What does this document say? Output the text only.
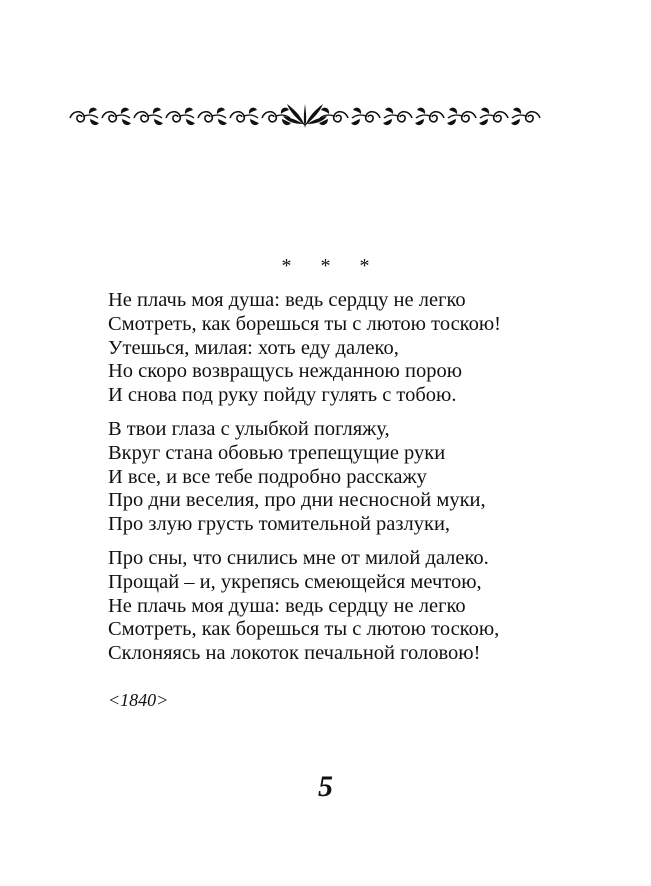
* * *
Не плачь моя душа: ведь сердцу не легко
Смотреть, как борешься ты с лютою тоскою!
Утешься, милая: хоть еду далеко,
Но скоро возвращусь нежданною порою
И снова под руку пойду гулять с тобою.
В твои глаза с улыбкой погляжу,
Вкруг стана обовью трепещущие руки
И все, и все тебе подробно расскажу
Про дни веселия, про дни несносной муки,
Про злую грусть томительной разлуки,
Про сны, что снились мне от милой далеко.
Прощай – и, укрепясь смеющейся мечтою,
Не плачь моя душа: ведь сердцу не легко
Смотреть, как борешься ты с лютою тоскою,
Склоняясь на локоток печальной головою!
<1840>
5
